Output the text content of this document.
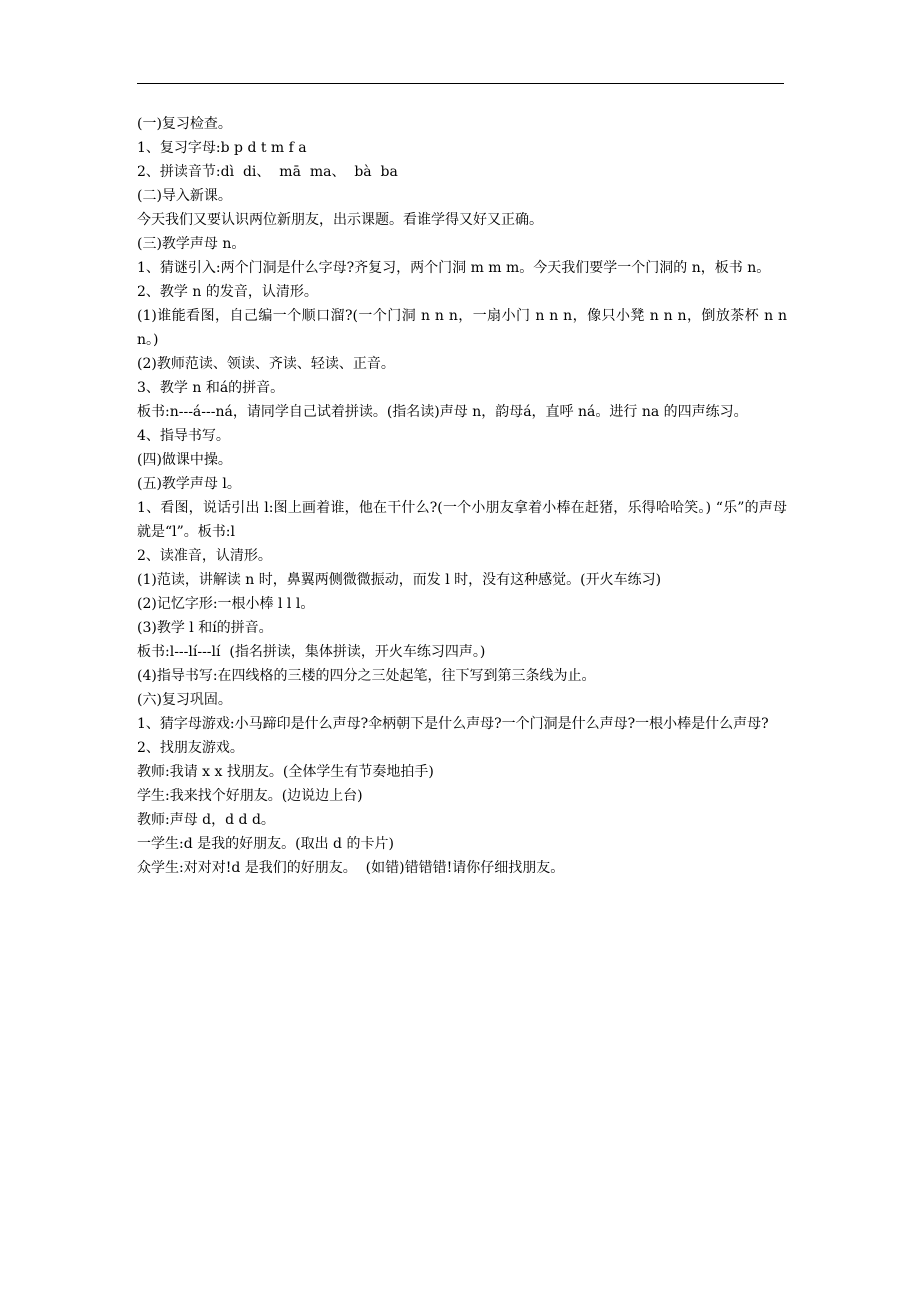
(一)复习检查。

1、复习字母:b p d t m f a

2、拼读音节:dì  di、  mā  ma、  bà  ba

(二)导入新课。

今天我们又要认识两位新朋友，出示课题。看谁学得又好又正确。

(三)教学声母 n。

1、猜谜引入:两个门洞是什么字母?齐复习，两个门洞 m m m。今天我们要学一个门洞的 n，板书 n。

2、教学 n 的发音，认清形。

(1)谁能看图，自己编一个顺口溜?(一个门洞 n n n，一扇小门 n n n，像只小凳 n n n，倒放茶杯 n n n。)

(2)教师范读、领读、齐读、轻读、正音。

3、教学 n 和á的拼音。

板书:n---á---ná，请同学自己试着拼读。(指名读)声母 n，韵母á，直呼 ná。进行 na 的四声练习。

4、指导书写。

(四)做课中操。

(五)教学声母 l。

1、看图，说话引出 l:图上画着谁，他在干什么?(一个小朋友拿着小棒在赶猪，乐得哈哈笑。) “乐”的声母就是“l”。板书:l

2、读准音，认清形。

(1)范读，讲解读 n 时，鼻翼两侧微微振动，而发 l 时，没有这种感觉。(开火车练习)

(2)记忆字形:一根小棒 l l l。

(3)教学 l 和í的拼音。

板书:l---lí---lí  (指名拼读，集体拼读，开火车练习四声。)

(4)指导书写:在四线格的三楼的四分之三处起笔，往下写到第三条线为止。

(六)复习巩固。

1、猜字母游戏:小马蹄印是什么声母?伞柄朝下是什么声母?一个门洞是什么声母?一根小棒是什么声母?

2、找朋友游戏。

教师:我请 x x 找朋友。(全体学生有节奏地拍手)

学生:我来找个好朋友。(边说边上台)

教师:声母 d，d d d。

一学生:d 是我的好朋友。(取出 d 的卡片)

众学生:对对对!d 是我们的好朋友。  (如错)错错错!请你仔细找朋友。
